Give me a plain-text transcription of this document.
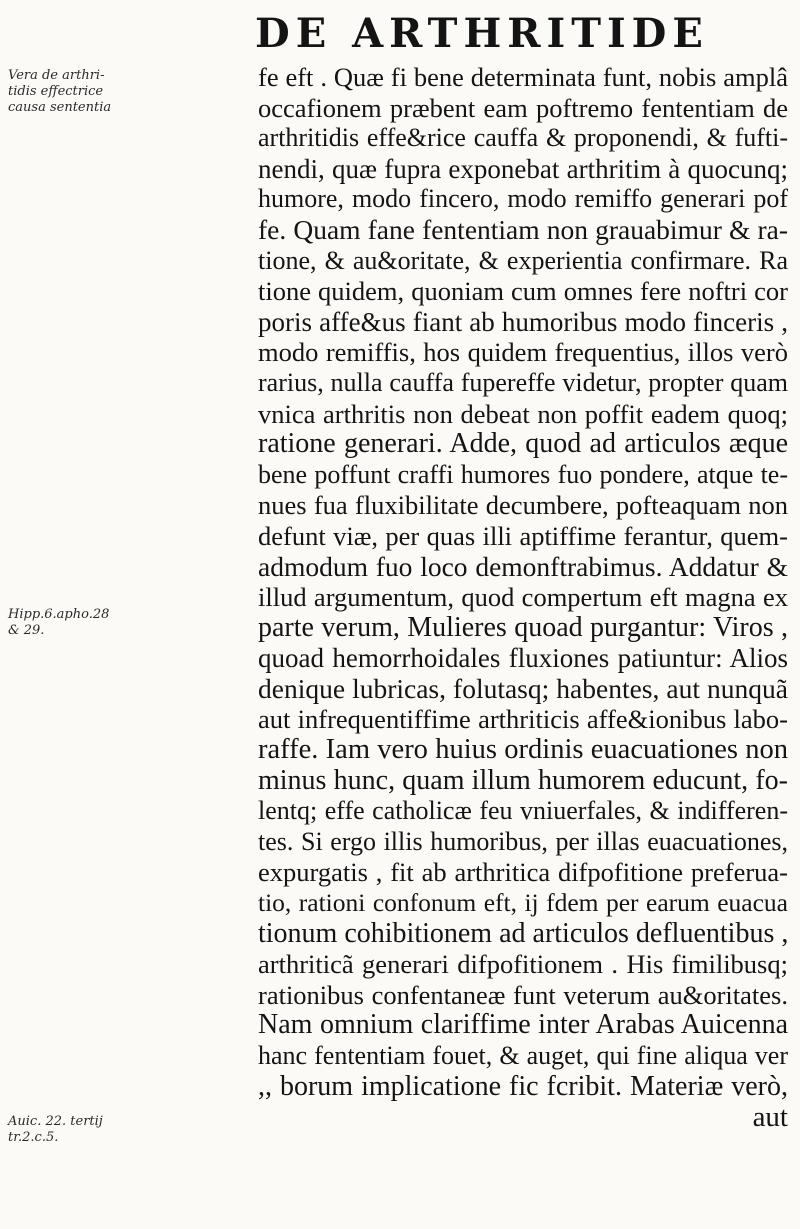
DE ARTHRITIDE
Vera de arthri- tidis effectrice causa sententia
Hipp.6.apho.28 & 29.
Auic. 22. tertij tr.2.c.5.
fe eft . Quæ fi bene determinata funt, nobis amplâ
occafionem præbent eam poftremo fententiam de
arthritidis effe&rice cauffa & proponendi, & fufti-
nendi, quæ fupra exponebat arthritim à quocunq;
humore, modo fincero, modo remiffo generari pof
fe. Quam fane fententiam non grauabimur & ra-
tione, & au&oritate, & experientia confirmare. Ra
tione quidem, quoniam cum omnes fere noftri cor
poris affe&us fiant ab humoribus modo finceris ,
modo remiffis, hos quidem frequentius, illos verò
rarius, nulla cauffa fupereffe videtur, propter quam
vnica arthritis non debeat non poffit eadem quoq;
ratione generari. Adde, quod ad articulos æque
bene poffunt craffi humores fuo pondere, atque te-
nues fua fluxibilitate decumbere, pofteaquam non
defunt viæ, per quas illi aptiffime ferantur, quem-
admodum fuo loco demonftrabimus. Addatur &
illud argumentum, quod compertum eft magna ex
parte verum, Mulieres quoad purgantur: Viros ,
quoad hemorrhoidales fluxiones patiuntur: Alios
denique lubricas, folutasq; habentes, aut nunquã
aut infrequentiffime arthriticis affe&ionibus labo-
raffe. Iam vero huius ordinis euacuationes non
minus hunc, quam illum humorem educunt, fo-
lentq; effe catholicæ feu vniuerfales, & indifferen-
tes. Si ergo illis humoribus, per illas euacuationes,
expurgatis , fit ab arthritica difpofitione preferua-
tio, rationi confonum eft, ij fdem per earum euacua
tionum cohibitionem ad articulos defluentibus ,
arthriticã generari difpofitionem . His fimilibusq;
rationibus confentaneæ funt veterum au&oritates.
Nam omnium clariffime inter Arabas Auicenna
hanc fententiam fouet, & auget, qui fine aliqua ver
,, borum implicatione fic fcribit. Materiæ verò,
aut
